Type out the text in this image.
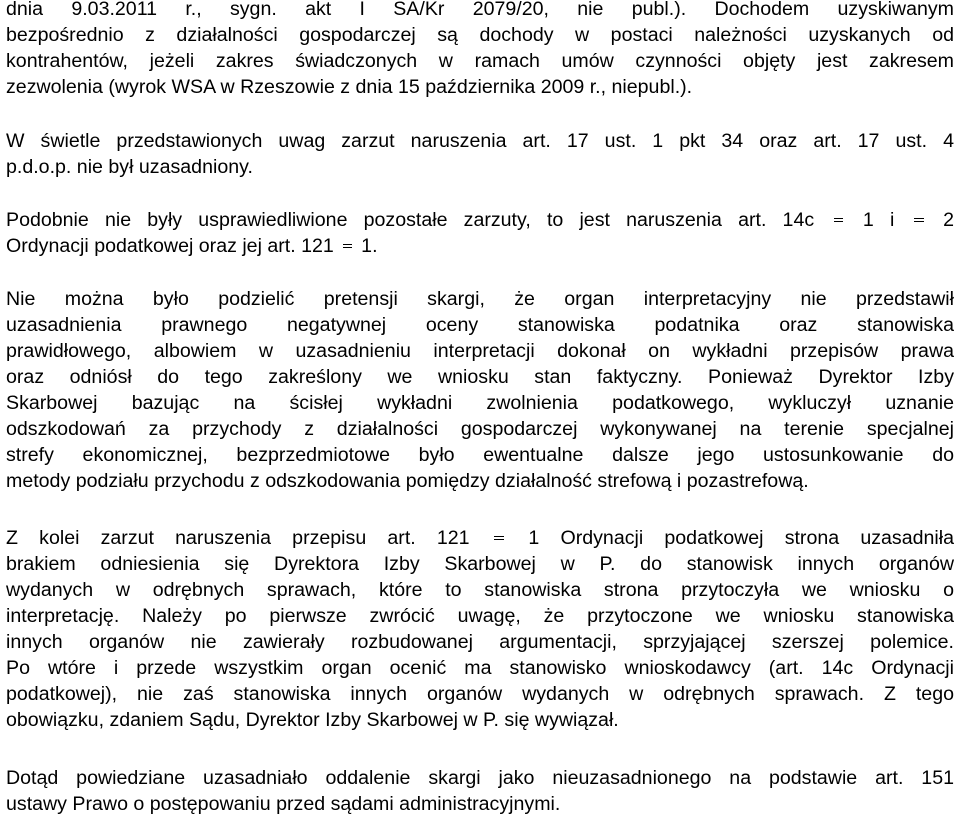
dnia 9.03.2011 r., sygn. akt I SA/Kr 2079/20, nie publ.). Dochodem uzyskiwanym
bezpośrednio z działalności gospodarczej są dochody w postaci należności uzyskanych od
kontrahentów, jeżeli zakres świadczonych w ramach umów czynności objęty jest zakresem
zezwolenia (wyrok WSA w Rzeszowie z dnia 15 października 2009 r., niepubl.).
W świetle przedstawionych uwag zarzut naruszenia art. 17 ust. 1 pkt 34 oraz art. 17 ust. 4
p.d.o.p. nie był uzasadniony.
Podobnie nie były usprawiedliwione pozostałe zarzuty, to jest naruszenia art. 14c 1 i 2
Ordynacji podatkowej oraz jej art. 121 1.
Nie można było podzielić pretensji skargi, że organ interpretacyjny nie przedstawił
uzasadnienia prawnego negatywnej oceny stanowiska podatnika oraz stanowiska
prawidłowego, albowiem w uzasadnieniu interpretacji dokonał on wykładni przepisów prawa
oraz odniósł do tego zakreślony we wniosku stan faktyczny. Ponieważ Dyrektor Izby
Skarbowej bazując na ścisłej wykładni zwolnienia podatkowego, wykluczył uznanie
odszkodowań za przychody z działalności gospodarczej wykonywanej na terenie specjalnej
strefy ekonomicznej, bezprzedmiotowe było ewentualne dalsze jego ustosunkowanie do
metody podziału przychodu z odszkodowania pomiędzy działalność strefową i pozastrefową.
Z kolei zarzut naruszenia przepisu art. 121	1 Ordynacji podatkowej strona uzasadniła
brakiem odniesienia się Dyrektora Izby Skarbowej w P. do stanowisk innych organów
wydanych w odrębnych sprawach, które to stanowiska strona przytoczyła we wniosku o
interpretację. Należy po pierwsze zwrócić uwagę, że przytoczone we wniosku stanowiska
innych organów nie zawierały rozbudowanej argumentacji, sprzyjającej szerszej polemice.
Po wtóre i przede wszystkim organ ocenić ma stanowisko wnioskodawcy (art. 14c Ordynacji
podatkowej), nie zaś stanowiska innych organów wydanych w odrębnych sprawach. Z tego
obowiązku, zdaniem Sądu, Dyrektor Izby Skarbowej w P. się wywiązał.
Dotąd powiedziane uzasadniało oddalenie skargi jako nieuzasadnionego na podstawie art. 151
ustawy Prawo o postępowaniu przed sądami administracyjnymi.
